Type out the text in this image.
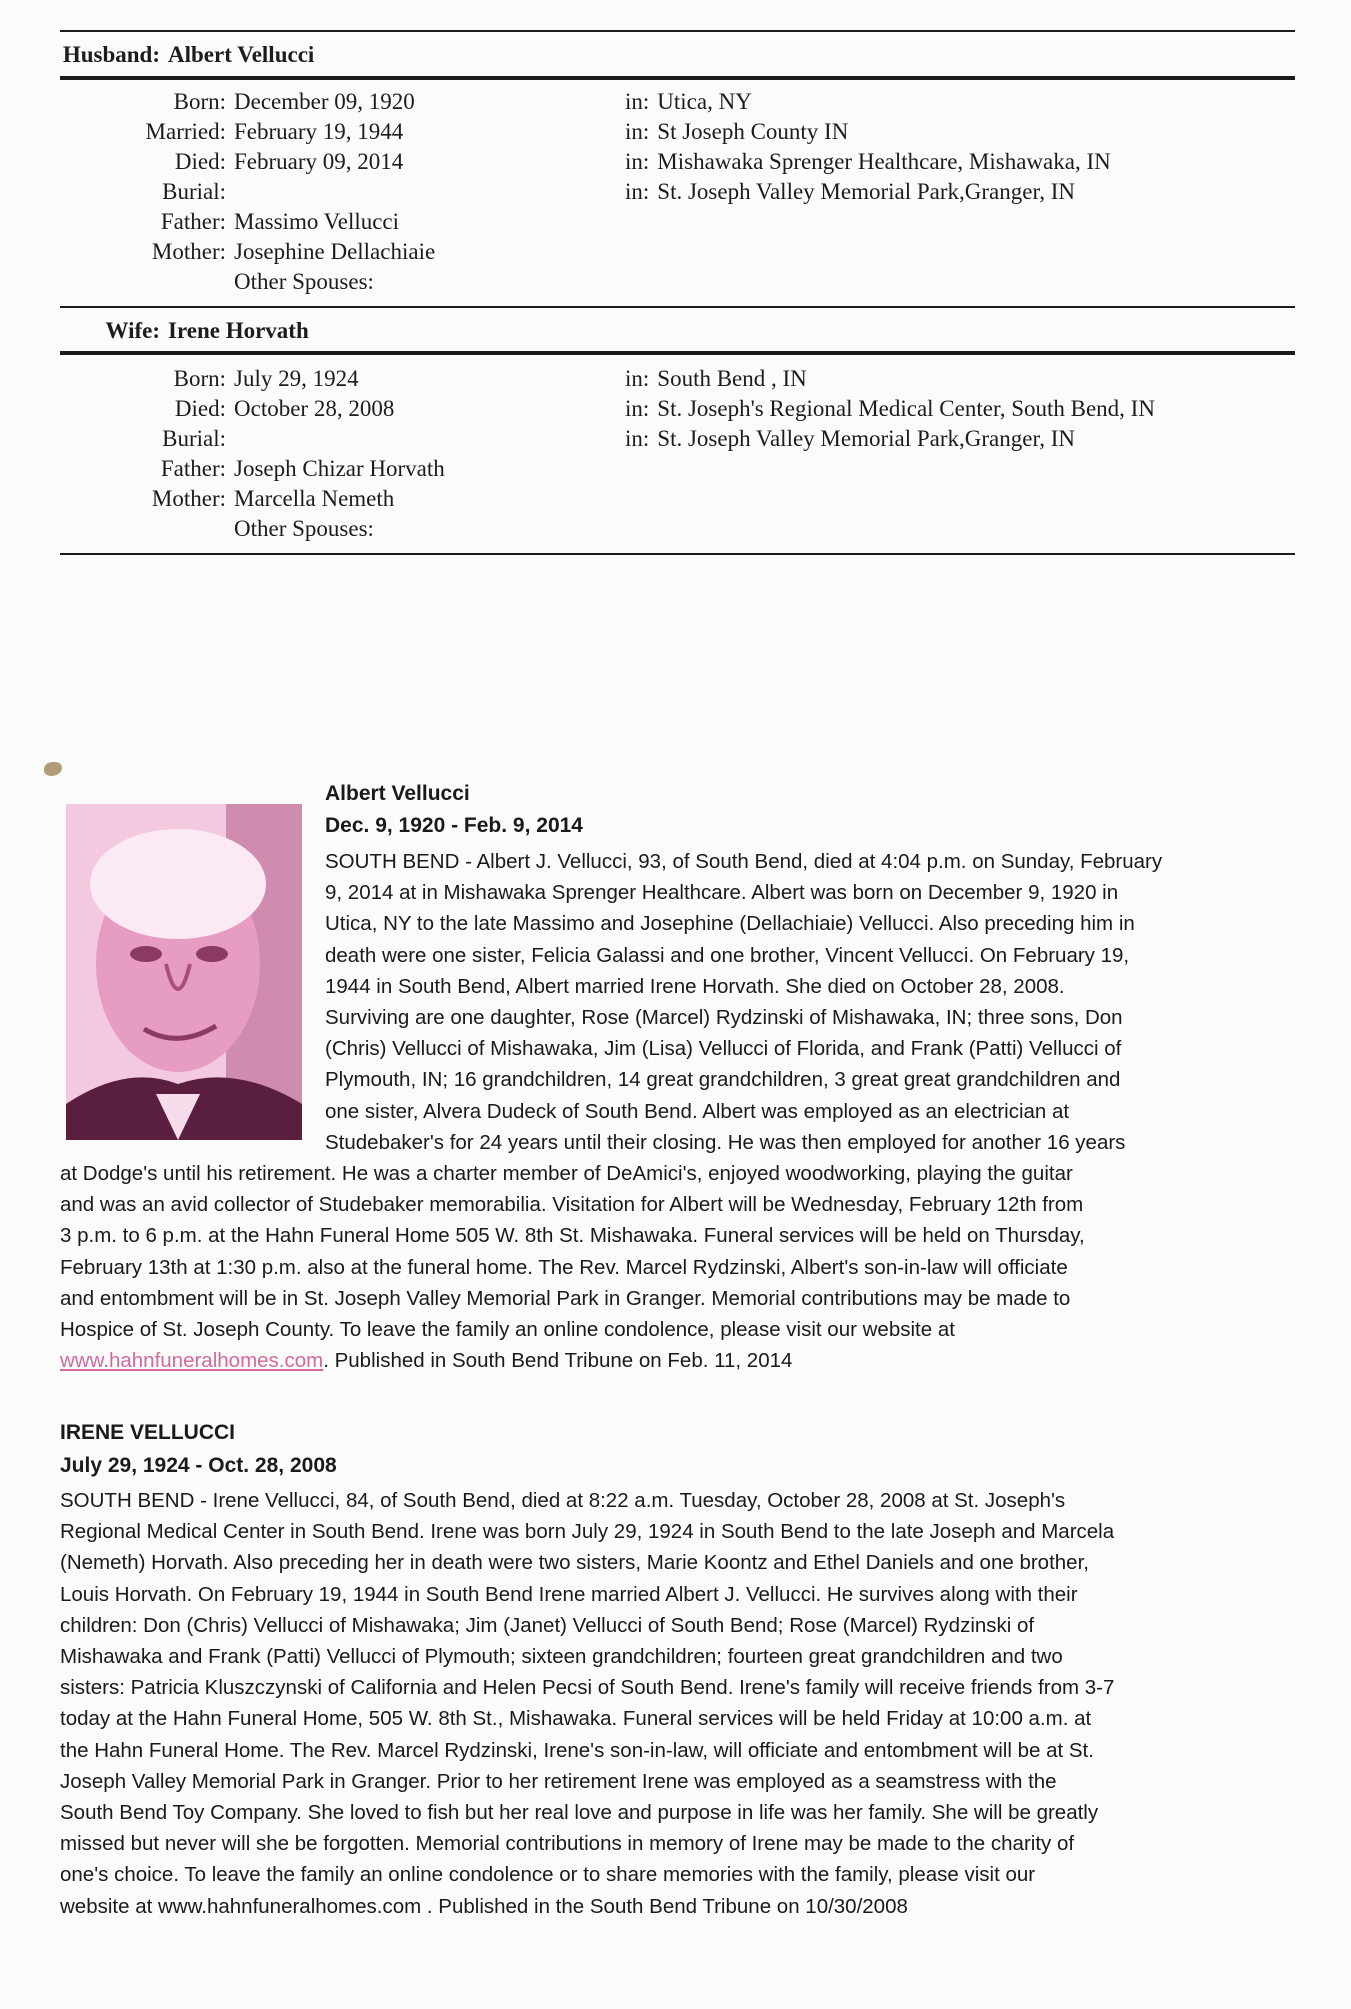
Husband: Albert Vellucci
Born: December 09, 1920
Married: February 19, 1944
Died: February 09, 2014
Burial:
Father: Massimo Vellucci
Mother: Josephine Dellachiaie
Other Spouses:
in: Utica, NY
in: St Joseph County IN
in: Mishawaka Sprenger Healthcare, Mishawaka, IN
in: St. Joseph Valley Memorial Park,Granger, IN
Wife: Irene Horvath
Born: July 29, 1924
Died: October 28, 2008
Burial:
Father: Joseph Chizar Horvath
Mother: Marcella Nemeth
Other Spouses:
in: South Bend , IN
in: St. Joseph's Regional Medical Center, South Bend, IN
in: St. Joseph Valley Memorial Park,Granger, IN
Albert Vellucci
Dec. 9, 1920 - Feb. 9, 2014
SOUTH BEND - Albert J. Vellucci, 93, of South Bend, died at 4:04 p.m. on Sunday, February
9, 2014 at in Mishawaka Sprenger Healthcare. Albert was born on December 9, 1920 in
Utica, NY to the late Massimo and Josephine (Dellachiaie) Vellucci. Also preceding him in
death were one sister, Felicia Galassi and one brother, Vincent Vellucci. On February 19,
1944 in South Bend, Albert married Irene Horvath. She died on October 28, 2008.
Surviving are one daughter, Rose (Marcel) Rydzinski of Mishawaka, IN; three sons, Don
(Chris) Vellucci of Mishawaka, Jim (Lisa) Vellucci of Florida, and Frank (Patti) Vellucci of
Plymouth, IN; 16 grandchildren, 14 great grandchildren, 3 great great grandchildren and
one sister, Alvera Dudeck of South Bend. Albert was employed as an electrician at
Studebaker's for 24 years until their closing. He was then employed for another 16 years
at Dodge's until his retirement. He was a charter member of DeAmici's, enjoyed woodworking, playing the guitar
and was an avid collector of Studebaker memorabilia. Visitation for Albert will be Wednesday, February 12th from
3 p.m. to 6 p.m. at the Hahn Funeral Home 505 W. 8th St. Mishawaka. Funeral services will be held on Thursday,
February 13th at 1:30 p.m. also at the funeral home. The Rev. Marcel Rydzinski, Albert's son-in-law will officiate
and entombment will be in St. Joseph Valley Memorial Park in Granger. Memorial contributions may be made to
Hospice of St. Joseph County. To leave the family an online condolence, please visit our website at
www.hahnfuneralhomes.com. Published in South Bend Tribune on Feb. 11, 2014
IRENE VELLUCCI
July 29, 1924 - Oct. 28, 2008
SOUTH BEND - Irene Vellucci, 84, of South Bend, died at 8:22 a.m. Tuesday, October 28, 2008 at St. Joseph's
Regional Medical Center in South Bend. Irene was born July 29, 1924 in South Bend to the late Joseph and Marcela
(Nemeth) Horvath. Also preceding her in death were two sisters, Marie Koontz and Ethel Daniels and one brother,
Louis Horvath. On February 19, 1944 in South Bend Irene married Albert J. Vellucci. He survives along with their
children: Don (Chris) Vellucci of Mishawaka; Jim (Janet) Vellucci of South Bend; Rose (Marcel) Rydzinski of
Mishawaka and Frank (Patti) Vellucci of Plymouth; sixteen grandchildren; fourteen great grandchildren and two
sisters: Patricia Kluszczynski of California and Helen Pecsi of South Bend. Irene's family will receive friends from 3-7
today at the Hahn Funeral Home, 505 W. 8th St., Mishawaka. Funeral services will be held Friday at 10:00 a.m. at
the Hahn Funeral Home. The Rev. Marcel Rydzinski, Irene's son-in-law, will officiate and entombment will be at St.
Joseph Valley Memorial Park in Granger. Prior to her retirement Irene was employed as a seamstress with the
South Bend Toy Company. She loved to fish but her real love and purpose in life was her family. She will be greatly
missed but never will she be forgotten. Memorial contributions in memory of Irene may be made to the charity of
one's choice. To leave the family an online condolence or to share memories with the family, please visit our
website at www.hahnfuneralhomes.com . Published in the South Bend Tribune on 10/30/2008
